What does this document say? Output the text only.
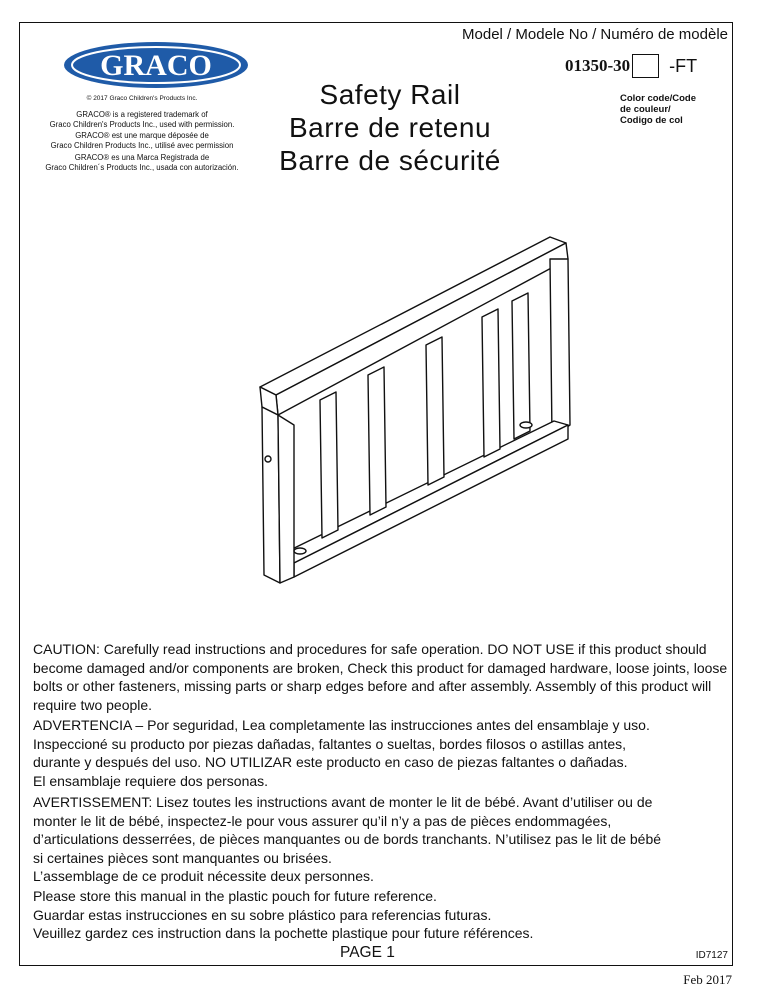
GRACO
© 2017 Graco Children's Products Inc.
GRACO® is a registered trademark of
Graco Children's Products Inc., used with permission.
GRACO® est une marque déposée de
Graco Children Products Inc., utilisé avec permission
GRACO® es una Marca Registrada de
Graco Children´s Products Inc., usada con autorización.
Model / Modele No / Numéro de modèle
01350-30 -FT
Color code/Code
de couleur/
Codigo de col
Safety Rail
Barre de retenu
Barre de sécurité
CAUTION: Carefully read instructions and procedures for safe operation. DO NOT USE if this product should become damaged and/or components are broken, Check this product for damaged hardware, loose joints, loose bolts or other fasteners, missing parts or sharp edges before and after assembly. Assembly of this product will require two people.
ADVERTENCIA – Por seguridad, Lea completamente las instrucciones antes del ensamblaje y uso.
Inspeccioné su producto por piezas dañadas, faltantes o sueltas, bordes filosos o astillas antes,
durante y después del uso. NO UTILIZAR este producto en caso de piezas faltantes o dañadas.
El ensamblaje requiere dos personas.
AVERTISSEMENT: Lisez toutes les instructions avant de monter le lit de bébé. Avant d’utiliser ou de
monter le lit de bébé, inspectez-le pour vous assurer qu’il n’y a pas de pièces endommagées,
d’articulations desserrées, de pièces manquantes ou de bords tranchants. N’utilisez pas le lit de bébé
si certaines pièces sont manquantes ou brisées.
L’assemblage de ce produit nécessite deux personnes.
Please store this manual in the plastic pouch for future reference.
Guardar estas instrucciones en su sobre plástico para referencias futuras.
Veuillez gardez ces instruction dans la pochette plastique pour future références.
PAGE 1	ID7127
Feb 2017
